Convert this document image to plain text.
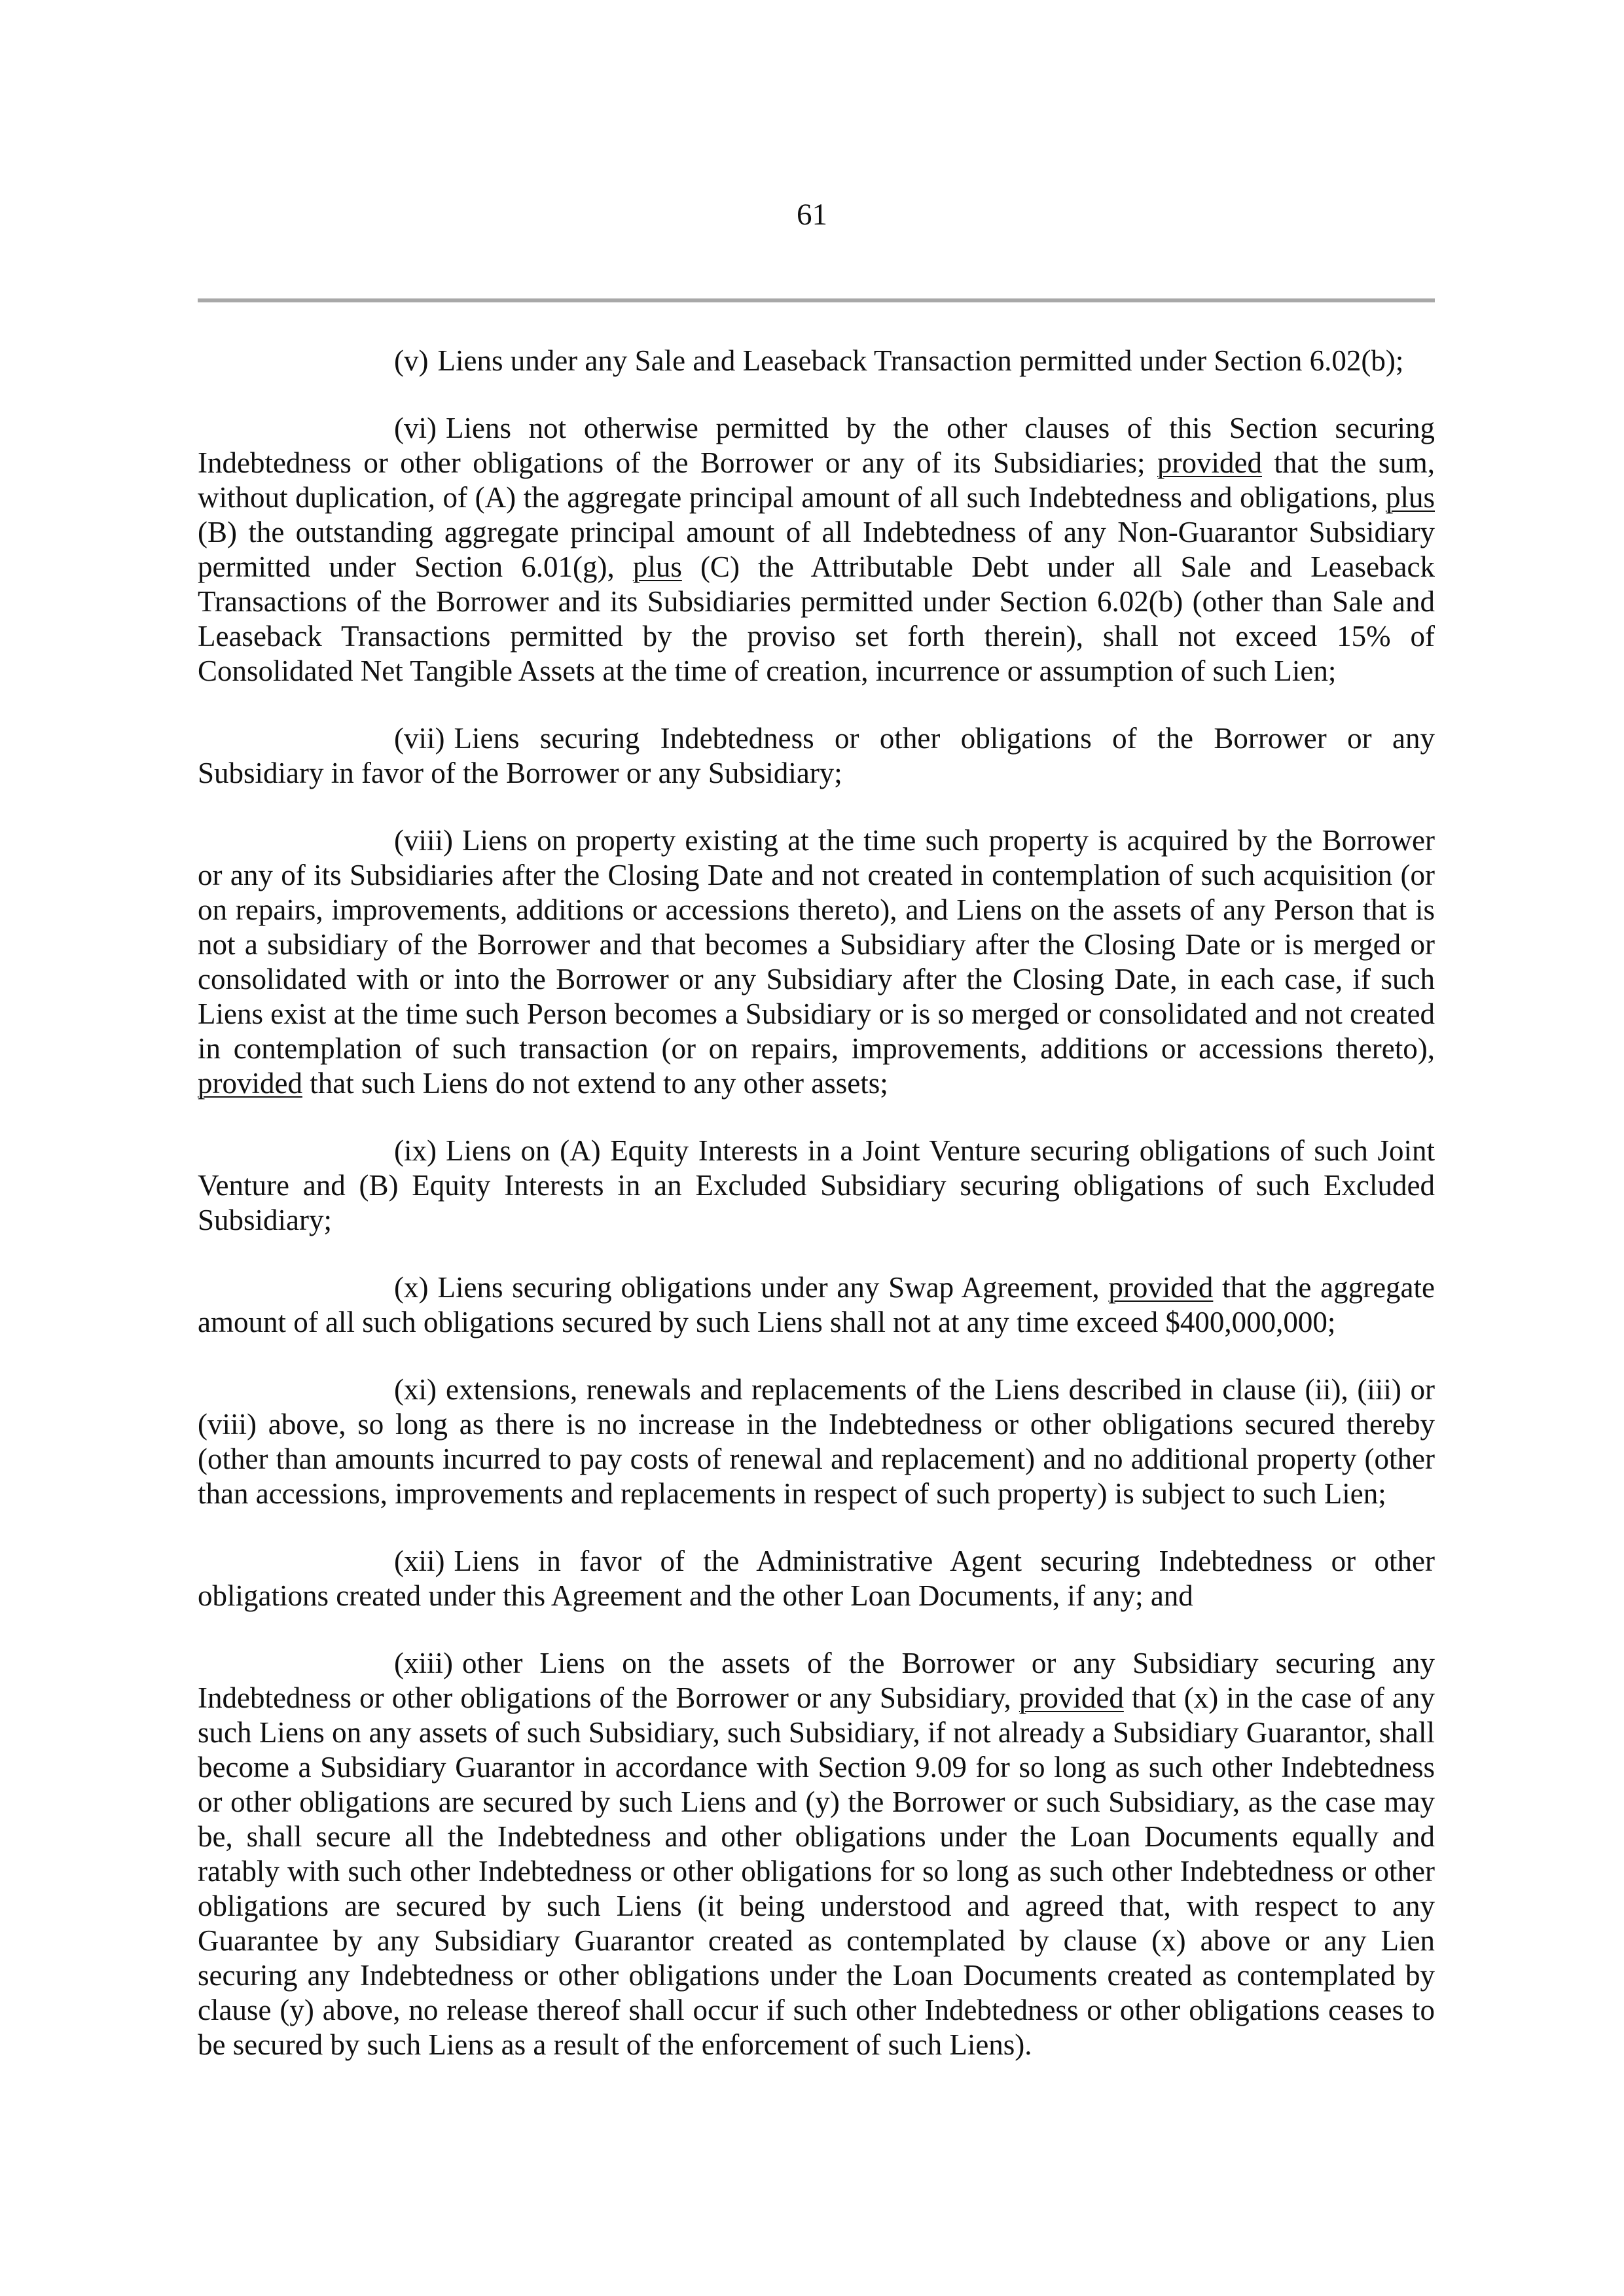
61

(v) Liens under any Sale and Leaseback Transaction permitted under Section 6.02(b);

(vi) Liens not otherwise permitted by the other clauses of this Section securing Indebtedness or other obligations of the Borrower or any of its Subsidiaries; provided that the sum, without duplication, of (A) the aggregate principal amount of all such Indebtedness and obligations, plus (B) the outstanding aggregate principal amount of all Indebtedness of any Non-Guarantor Subsidiary permitted under Section 6.01(g), plus (C) the Attributable Debt under all Sale and Leaseback Transactions of the Borrower and its Subsidiaries permitted under Section 6.02(b) (other than Sale and Leaseback Transactions permitted by the proviso set forth therein), shall not exceed 15% of Consolidated Net Tangible Assets at the time of creation, incurrence or assumption of such Lien;

(vii) Liens securing Indebtedness or other obligations of the Borrower or any Subsidiary in favor of the Borrower or any Subsidiary;

(viii) Liens on property existing at the time such property is acquired by the Borrower or any of its Subsidiaries after the Closing Date and not created in contemplation of such acquisition (or on repairs, improvements, additions or accessions thereto), and Liens on the assets of any Person that is not a subsidiary of the Borrower and that becomes a Subsidiary after the Closing Date or is merged or consolidated with or into the Borrower or any Subsidiary after the Closing Date, in each case, if such Liens exist at the time such Person becomes a Subsidiary or is so merged or consolidated and not created in contemplation of such transaction (or on repairs, improvements, additions or accessions thereto), provided that such Liens do not extend to any other assets;

(ix) Liens on (A) Equity Interests in a Joint Venture securing obligations of such Joint Venture and (B) Equity Interests in an Excluded Subsidiary securing obligations of such Excluded Subsidiary;

(x) Liens securing obligations under any Swap Agreement, provided that the aggregate amount of all such obligations secured by such Liens shall not at any time exceed $400,000,000;

(xi) extensions, renewals and replacements of the Liens described in clause (ii), (iii) or (viii) above, so long as there is no increase in the Indebtedness or other obligations secured thereby (other than amounts incurred to pay costs of renewal and replacement) and no additional property (other than accessions, improvements and replacements in respect of such property) is subject to such Lien;

(xii) Liens in favor of the Administrative Agent securing Indebtedness or other obligations created under this Agreement and the other Loan Documents, if any; and

(xiii) other Liens on the assets of the Borrower or any Subsidiary securing any Indebtedness or other obligations of the Borrower or any Subsidiary, provided that (x) in the case of any such Liens on any assets of such Subsidiary, such Subsidiary, if not already a Subsidiary Guarantor, shall become a Subsidiary Guarantor in accordance with Section 9.09 for so long as such other Indebtedness or other obligations are secured by such Liens and (y) the Borrower or such Subsidiary, as the case may be, shall secure all the Indebtedness and other obligations under the Loan Documents equally and ratably with such other Indebtedness or other obligations for so long as such other Indebtedness or other obligations are secured by such Liens (it being understood and agreed that, with respect to any Guarantee by any Subsidiary Guarantor created as contemplated by clause (x) above or any Lien securing any Indebtedness or other obligations under the Loan Documents created as contemplated by clause (y) above, no release thereof shall occur if such other Indebtedness or other obligations ceases to be secured by such Liens as a result of the enforcement of such Liens).
